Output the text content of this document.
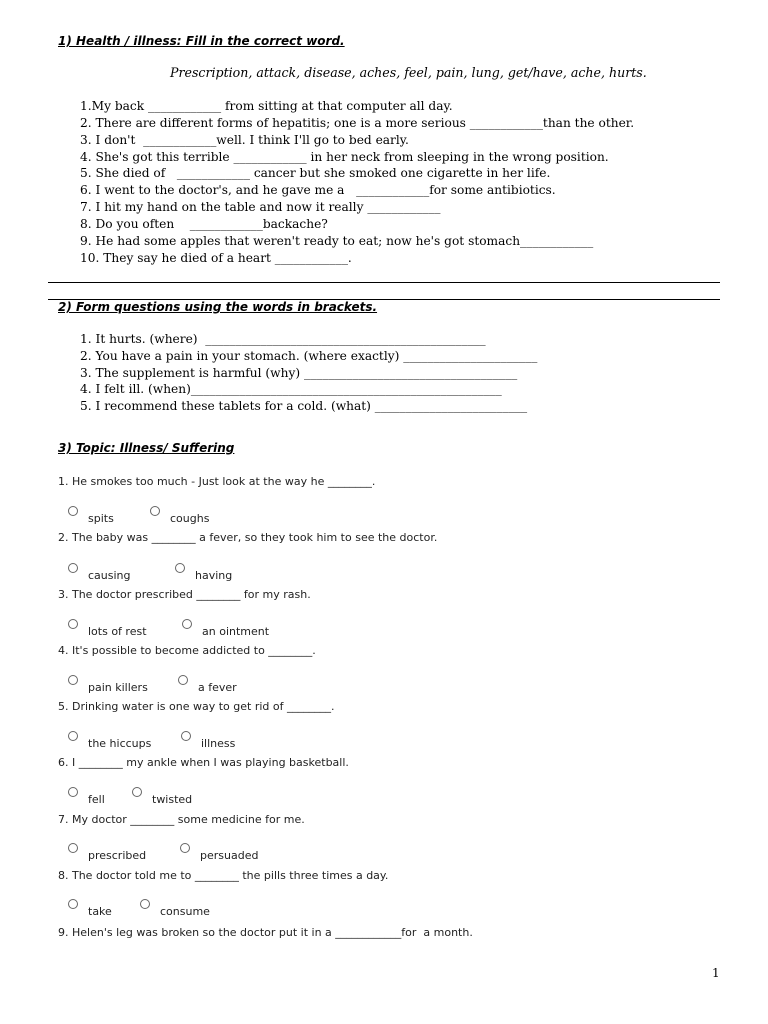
1) Health / illness: Fill in the correct word.
Prescription, attack, disease, aches, feel, pain, lung, get/have, ache, hurts.
1.My back ____________ from sitting at that computer all day.
2. There are different forms of hepatitis; one is a more serious ____________than the other.
3. I don't  ____________well. I think I'll go to bed early.
4. She's got this terrible ____________ in her neck from sleeping in the wrong position.
5. She died of   ____________ cancer but she smoked one cigarette in her life.
6. I went to the doctor's, and he gave me a   ____________for some antibiotics.
7. I hit my hand on the table and now it really ____________
8. Do you often    ____________backache?
9. He had some apples that weren't ready to eat; now he's got stomach____________
10. They say he died of a heart ____________.
2) Form questions using the words in brackets.
1. It hurts. (where)  ______________________________________________
2. You have a pain in your stomach. (where exactly) ______________________
3. The supplement is harmful (why) ___________________________________
4. I felt ill. (when)___________________________________________________
5. I recommend these tablets for a cold. (what) _________________________
3) Topic: Illness/ Suffering
1. He smokes too much - Just look at the way he ________.
spits	coughs
2. The baby was ________ a fever, so they took him to see the doctor.
causing	having
3. The doctor prescribed ________ for my rash.
lots of rest	an ointment
4. It's possible to become addicted to ________.
pain killers	a fever
5. Drinking water is one way to get rid of ________.
the hiccups	illness
6. I ________ my ankle when I was playing basketball.
fell	twisted
7. My doctor ________ some medicine for me.
prescribed	persuaded
8. The doctor told me to ________ the pills three times a day.
take	consume
9. Helen's leg was broken so the doctor put it in a ____________for  a month.
1
